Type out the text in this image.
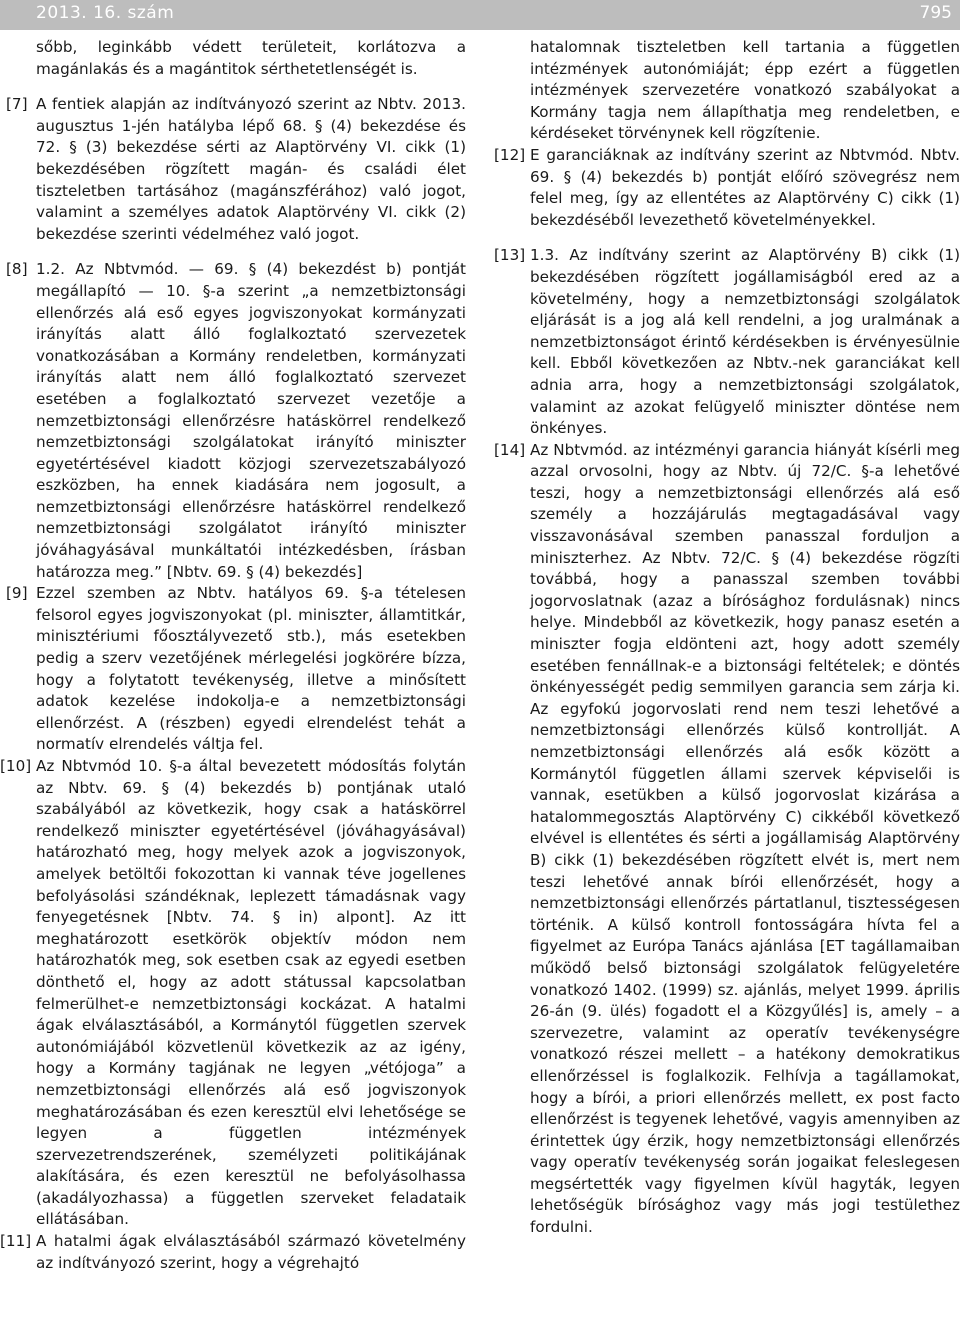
2013. 16. szám	795

sőbb, leginkább védett területeit, korlátozva a magánlakás és a magántitok sérthetetlenségét is.

[7] A fentiek alapján az indítványozó szerint az Nbtv. 2013. augusztus 1-jén hatályba lépő 68. § (4) bekezdése és 72. § (3) bekezdése sérti az Alaptörvény VI. cikk (1) bekezdésében rögzített magán- és családi élet tiszteletben tartásához (magánszférához) való jogot, valamint a személyes adatok Alaptörvény VI. cikk (2) bekezdése szerinti védelméhez való jogot.
[8] 1.2. Az Nbtvmód. — 69. § (4) bekezdést b) pontját megállapító — 10. §-a szerint „a nemzetbiztonsági ellenőrzés alá eső egyes jogviszonyokat kormányzati irányítás alatt álló foglalkoztató szervezetek vonatkozásában a Kormány rendeletben, kormányzati irányítás alatt nem álló foglalkoztató szervezet esetében a foglalkoztató szervezet vezetője a nemzetbiztonsági ellenőrzésre hatáskörrel rendelkező nemzetbiztonsági szolgálatokat irányító miniszter egyetértésével kiadott közjogi szervezetszabályozó eszközben, ha ennek kiadására nem jogosult, a nemzetbiztonsági ellenőrzésre hatáskörrel rendelkező nemzetbiztonsági szolgálatot irányító miniszter jóváhagyásával munkáltatói intézkedésben, írásban határozza meg.” [Nbtv. 69. § (4) bekezdés]
[9] Ezzel szemben az Nbtv. hatályos 69. §-a tételesen felsorol egyes jogviszonyokat (pl. miniszter, államtitkár, minisztériumi főosztályvezető stb.), más esetekben pedig a szerv vezetőjének mérlegelési jogkörére bízza, hogy a folytatott tevékenység, illetve a minősített adatok kezelése indokolja-e a nemzetbiztonsági ellenőrzést. A (részben) egyedi elrendelést tehát a normatív elrendelés váltja fel.
[10] Az Nbtvmód 10. §-a által bevezetett módosítás folytán az Nbtv. 69. § (4) bekezdés b) pontjának utaló szabályából az következik, hogy csak a hatáskörrel rendelkező miniszter egyetértésével (jóváhagyásával) határozható meg, hogy melyek azok a jogviszonyok, amelyek betöltői fokozottan ki vannak téve jogellenes befolyásolási szándéknak, leplezett támadásnak vagy fenyegetésnek [Nbtv. 74. § in) alpont]. Az itt meghatározott esetkörök objektív módon nem határozhatók meg, sok esetben csak az egyedi esetben dönthető el, hogy az adott státussal kapcsolatban felmerülhet-e nemzetbiztonsági kockázat. A hatalmi ágak elválasztásából, a Kormánytól független szervek autonómiájából közvetlenül következik az az igény, hogy a Kormány tagjának ne legyen „vétójoga” a nemzetbiztonsági ellenőrzés alá eső jogviszonyok meghatározásában és ezen keresztül elvi lehetősége se legyen a független intézmények szervezetrendszerének, személyzeti politikájának alakítására, és ezen keresztül ne befolyásolhassa (akadályozhassa) a független szerveket feladataik ellátásában.
[11] A hatalmi ágak elválasztásából származó követelmény az indítványozó szerint, hogy a végrehajtó

hatalomnak tiszteletben kell tartania a független intézmények autonómiáját; épp ezért a független intézmények szervezetére vonatkozó szabályokat a Kormány tagja nem állapíthatja meg rendeletben, e kérdéseket törvénynek kell rögzítenie.

[12] E garanciáknak az indítvány szerint az Nbtvmód. Nbtv. 69. § (4) bekezdés b) pontját előíró szövegrész nem felel meg, így az ellentétes az Alaptörvény C) cikk (1) bekezdéséből levezethető követelményekkel.
[13] 1.3. Az indítvány szerint az Alaptörvény B) cikk (1) bekezdésében rögzített jogállamiságból ered az a követelmény, hogy a nemzetbiztonsági szolgálatok eljárását is a jog alá kell rendelni, a jog uralmának a nemzetbiztonságot érintő kérdésekben is érvényesülnie kell. Ebből következően az Nbtv.-nek garanciákat kell adnia arra, hogy a nemzetbiztonsági szolgálatok, valamint az azokat felügyelő miniszter döntése nem önkényes.
[14] Az Nbtvmód. az intézményi garancia hiányát kísérli meg azzal orvosolni, hogy az Nbtv. új 72/C. §-a lehetővé teszi, hogy a nemzetbiztonsági ellenőrzés alá eső személy a hozzájárulás megtagadásával vagy visszavonásával szemben panasszal forduljon a miniszterhez. Az Nbtv. 72/C. § (4) bekezdése rögzíti továbbá, hogy a panasszal szemben további jogorvoslatnak (azaz a bírósághoz fordulásnak) nincs helye. Mindebből az következik, hogy panasz esetén a miniszter fogja eldönteni azt, hogy adott személy esetében fennállnak-e a biztonsági feltételek; e döntés önkényességét pedig semmilyen garancia sem zárja ki. Az egyfokú jogorvoslati rend nem teszi lehetővé a nemzetbiztonsági ellenőrzés külső kontrollját. A nemzetbiztonsági ellenőrzés alá esők között a Kormánytól független állami szervek képviselői is vannak, esetükben a külső jogorvoslat kizárása a hatalommegosztás Alaptörvény C) cikkéből következő elvével is ellentétes és sérti a jogállamiság Alaptörvény B) cikk (1) bekezdésében rögzített elvét is, mert nem teszi lehetővé annak bírói ellenőrzését, hogy a nemzetbiztonsági ellenőrzés pártatlanul, tisztességesen történik. A külső kontroll fontosságára hívta fel a figyelmet az Európa Tanács ajánlása [ET tagállamaiban működő belső biztonsági szolgálatok felügyeletére vonatkozó 1402. (1999) sz. ajánlás, melyet 1999. április 26-án (9. ülés) fogadott el a Közgyűlés] is, amely – a szervezetre, valamint az operatív tevékenységre vonatkozó részei mellett – a hatékony demokratikus ellenőrzéssel is foglalkozik. Felhívja a tagállamokat, hogy a bírói, a priori ellenőrzés mellett, ex post facto ellenőrzést is tegyenek lehetővé, vagyis amennyiben az érintettek úgy érzik, hogy nemzetbiztonsági ellenőrzés vagy operatív tevékenység során jogaikat feleslegesen megsértették vagy figyelmen kívül hagyták, legyen lehetőségük bírósághoz vagy más jogi testülethez fordulni.
